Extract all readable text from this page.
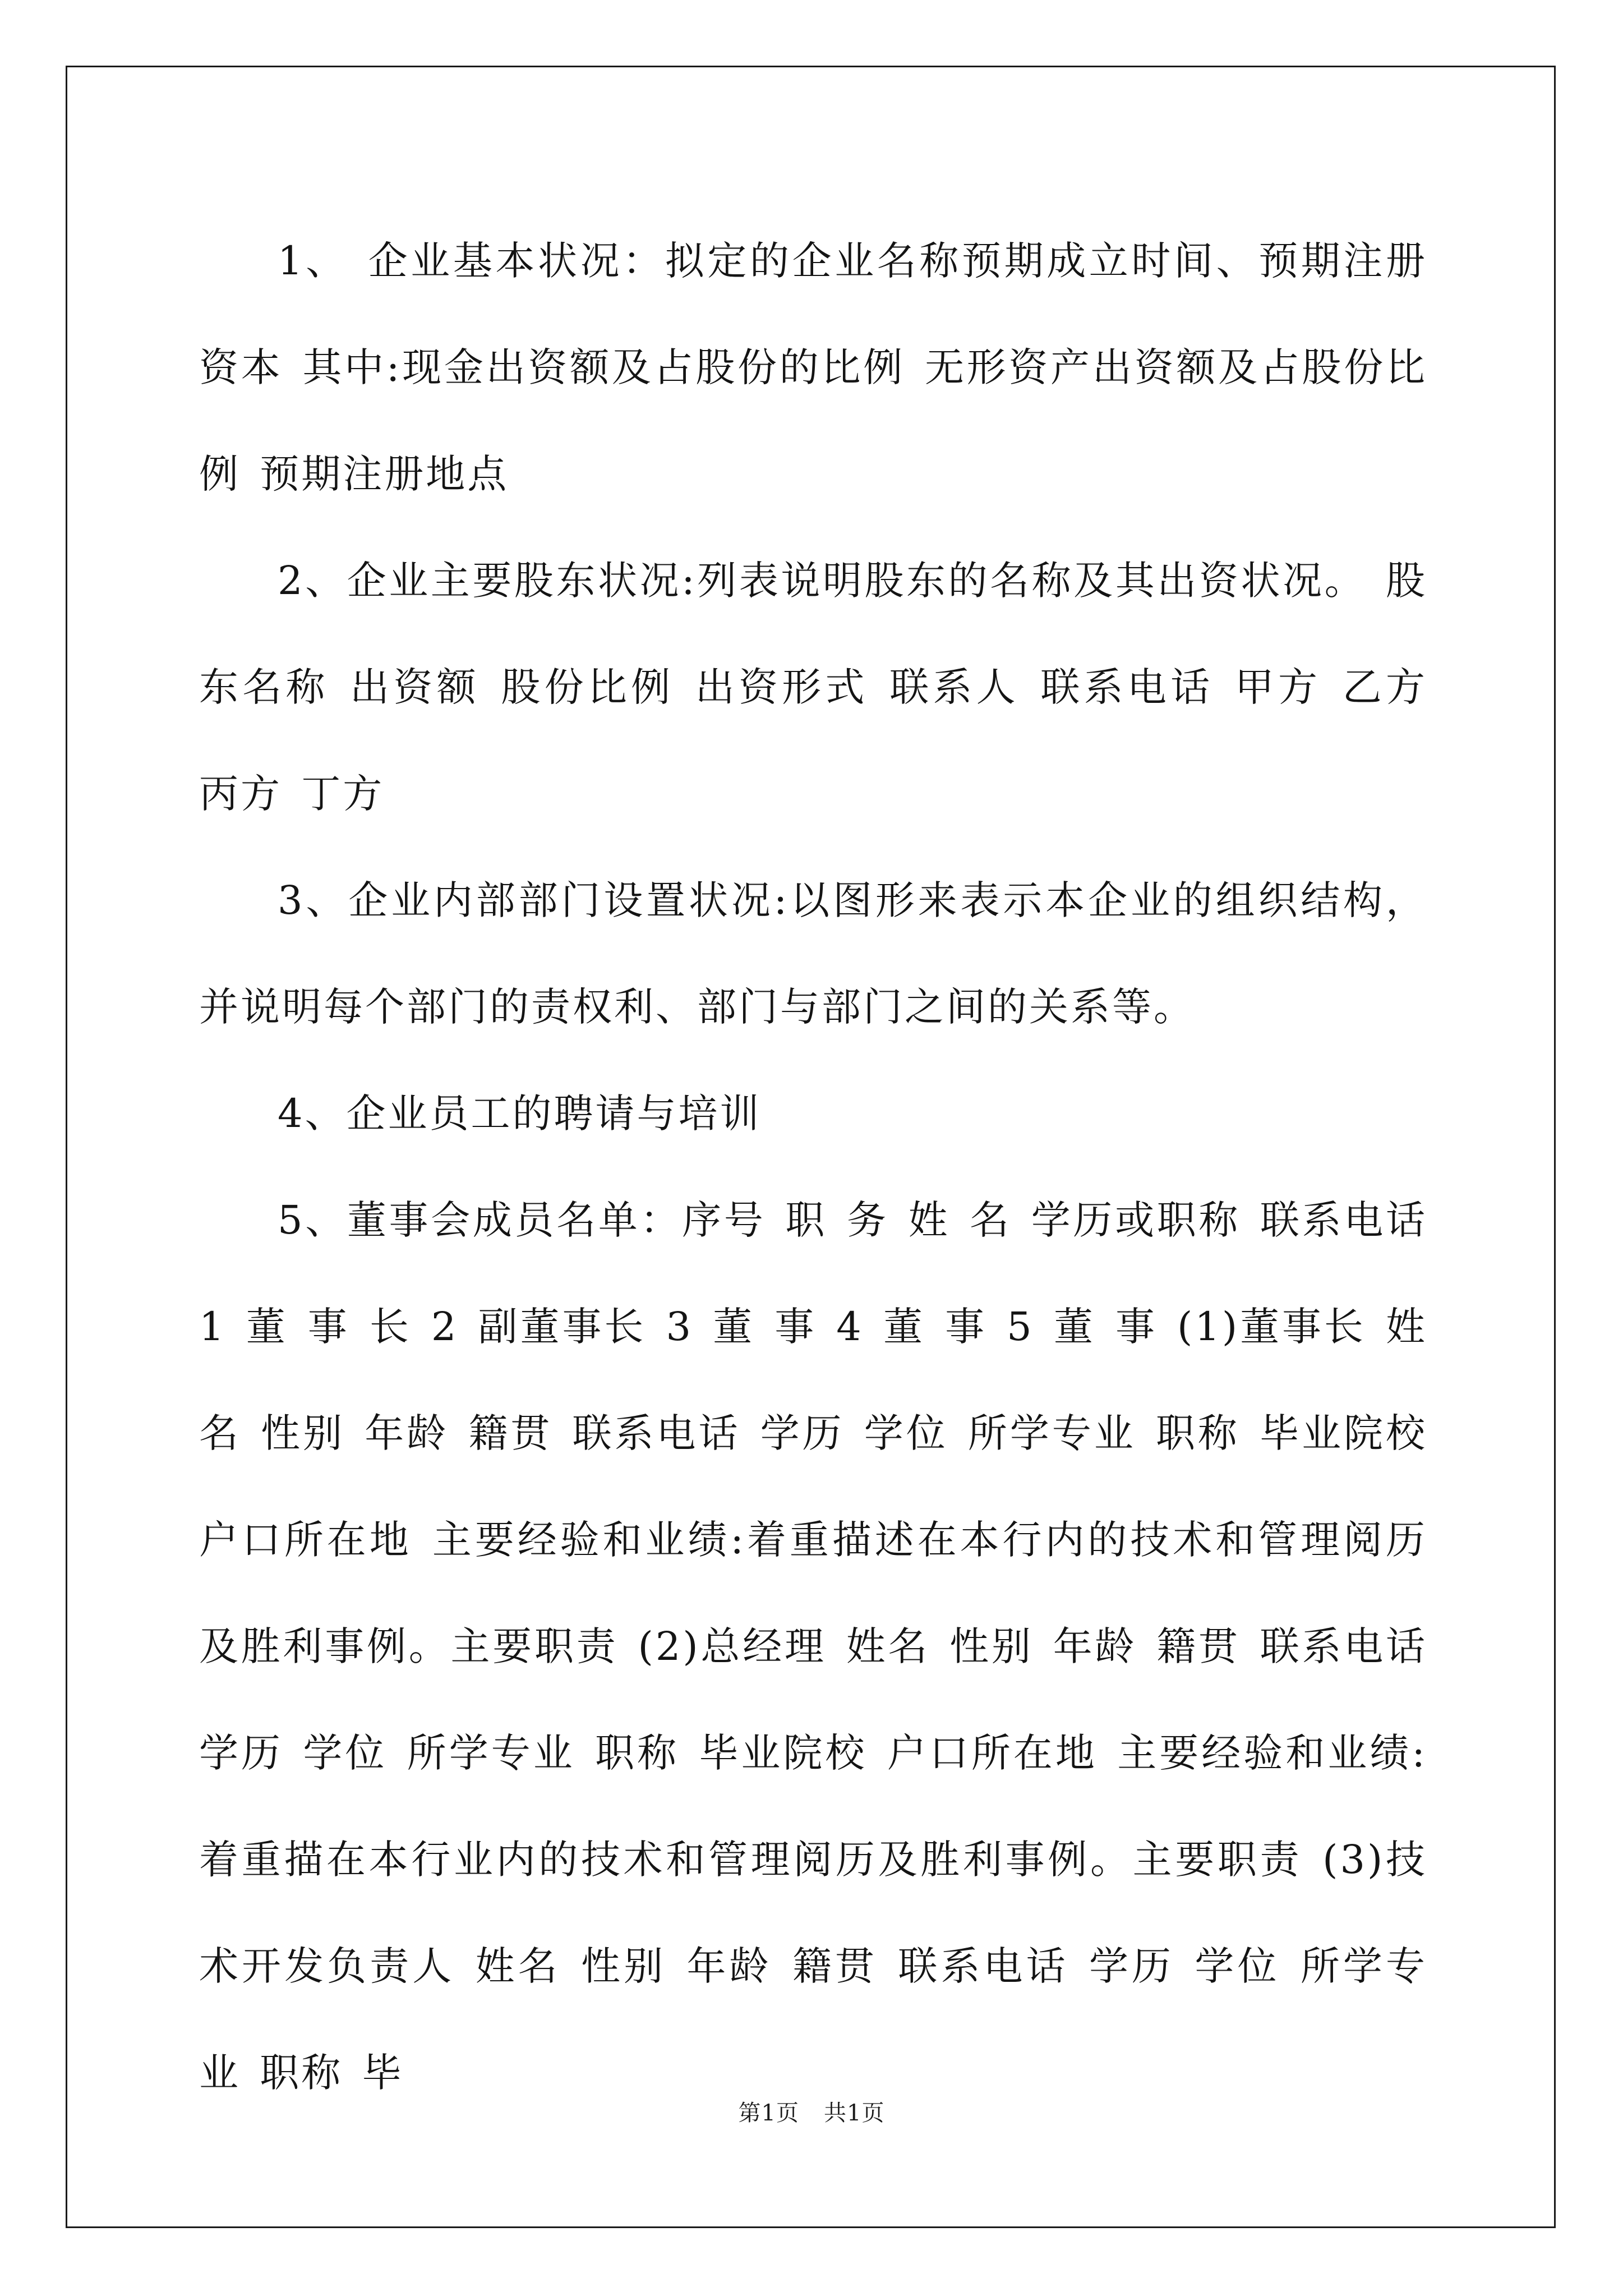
1、 企业基本状况：拟定的企业名称预期成立时间、预期注册资本 其中:现金出资额及占股份的比例 无形资产出资额及占股份比例 预期注册地点

2、企业主要股东状况:列表说明股东的名称及其出资状况。 股东名称 出资额 股份比例 出资形式 联系人 联系电话 甲方 乙方 丙方 丁方

3、企业内部部门设置状况:以图形来表示本企业的组织结构，并说明每个部门的责权利、部门与部门之间的关系等。

4、企业员工的聘请与培训

5、董事会成员名单：序号 职 务 姓 名 学历或职称 联系电话 1 董 事 长 2 副董事长 3 董 事 4 董 事 5 董 事 (1)董事长 姓名 性别 年龄 籍贯 联系电话 学历 学位 所学专业 职称 毕业院校 户口所在地 主要经验和业绩:着重描述在本行内的技术和管理阅历及胜利事例。主要职责 (2)总经理 姓名 性别 年龄 籍贯 联系电话 学历 学位 所学专业 职称 毕业院校 户口所在地 主要经验和业绩:着重描在本行业内的技术和管理阅历及胜利事例。主要职责 (3)技术开发负责人 姓名 性别 年龄 籍贯 联系电话 学历 学位 所学专业 职称 毕

第1页 共1页
